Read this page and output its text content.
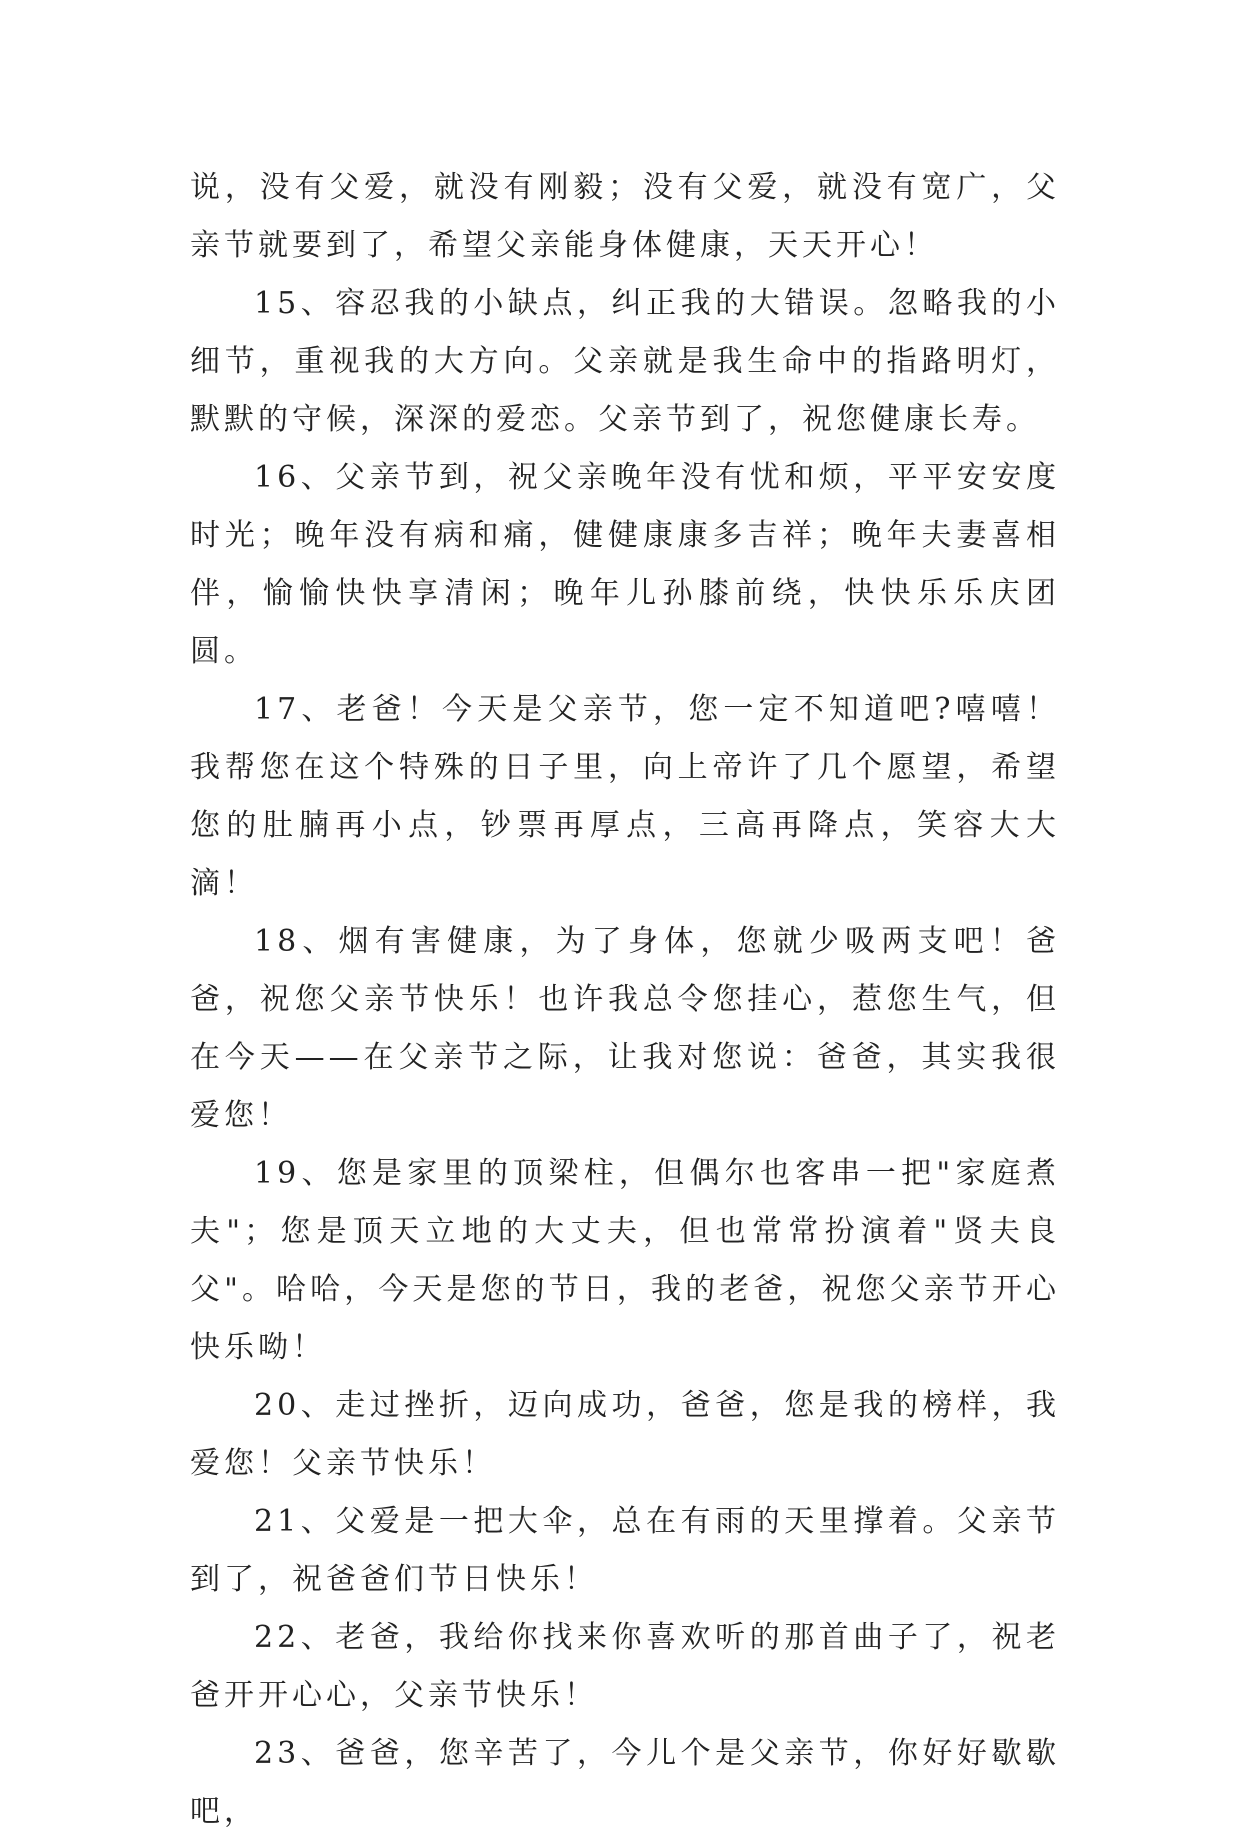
说，没有父爱，就没有刚毅；没有父爱，就没有宽广，父亲节就要到了，希望父亲能身体健康，天天开心！

15、容忍我的小缺点，纠正我的大错误。忽略我的小细节，重视我的大方向。父亲就是我生命中的指路明灯，默默的守候，深深的爱恋。父亲节到了，祝您健康长寿。

16、父亲节到，祝父亲晚年没有忧和烦，平平安安度时光；晚年没有病和痛，健健康康多吉祥；晚年夫妻喜相伴，愉愉快快享清闲；晚年儿孙膝前绕，快快乐乐庆团圆。

17、老爸！今天是父亲节，您一定不知道吧?嘻嘻！我帮您在这个特殊的日子里，向上帝许了几个愿望，希望您的肚腩再小点，钞票再厚点，三高再降点，笑容大大滴！

18、烟有害健康，为了身体，您就少吸两支吧！爸爸，祝您父亲节快乐！也许我总令您挂心，惹您生气，但在今天——在父亲节之际，让我对您说：爸爸，其实我很爱您！

19、您是家里的顶梁柱，但偶尔也客串一把"家庭煮夫"；您是顶天立地的大丈夫，但也常常扮演着"贤夫良父"。哈哈，今天是您的节日，我的老爸，祝您父亲节开心快乐呦！

20、走过挫折，迈向成功，爸爸，您是我的榜样，我爱您！父亲节快乐！

21、父爱是一把大伞，总在有雨的天里撑着。父亲节到了，祝爸爸们节日快乐！

22、老爸，我给你找来你喜欢听的那首曲子了，祝老爸开开心心，父亲节快乐！

23、爸爸，您辛苦了，今儿个是父亲节，你好好歇歇吧，
